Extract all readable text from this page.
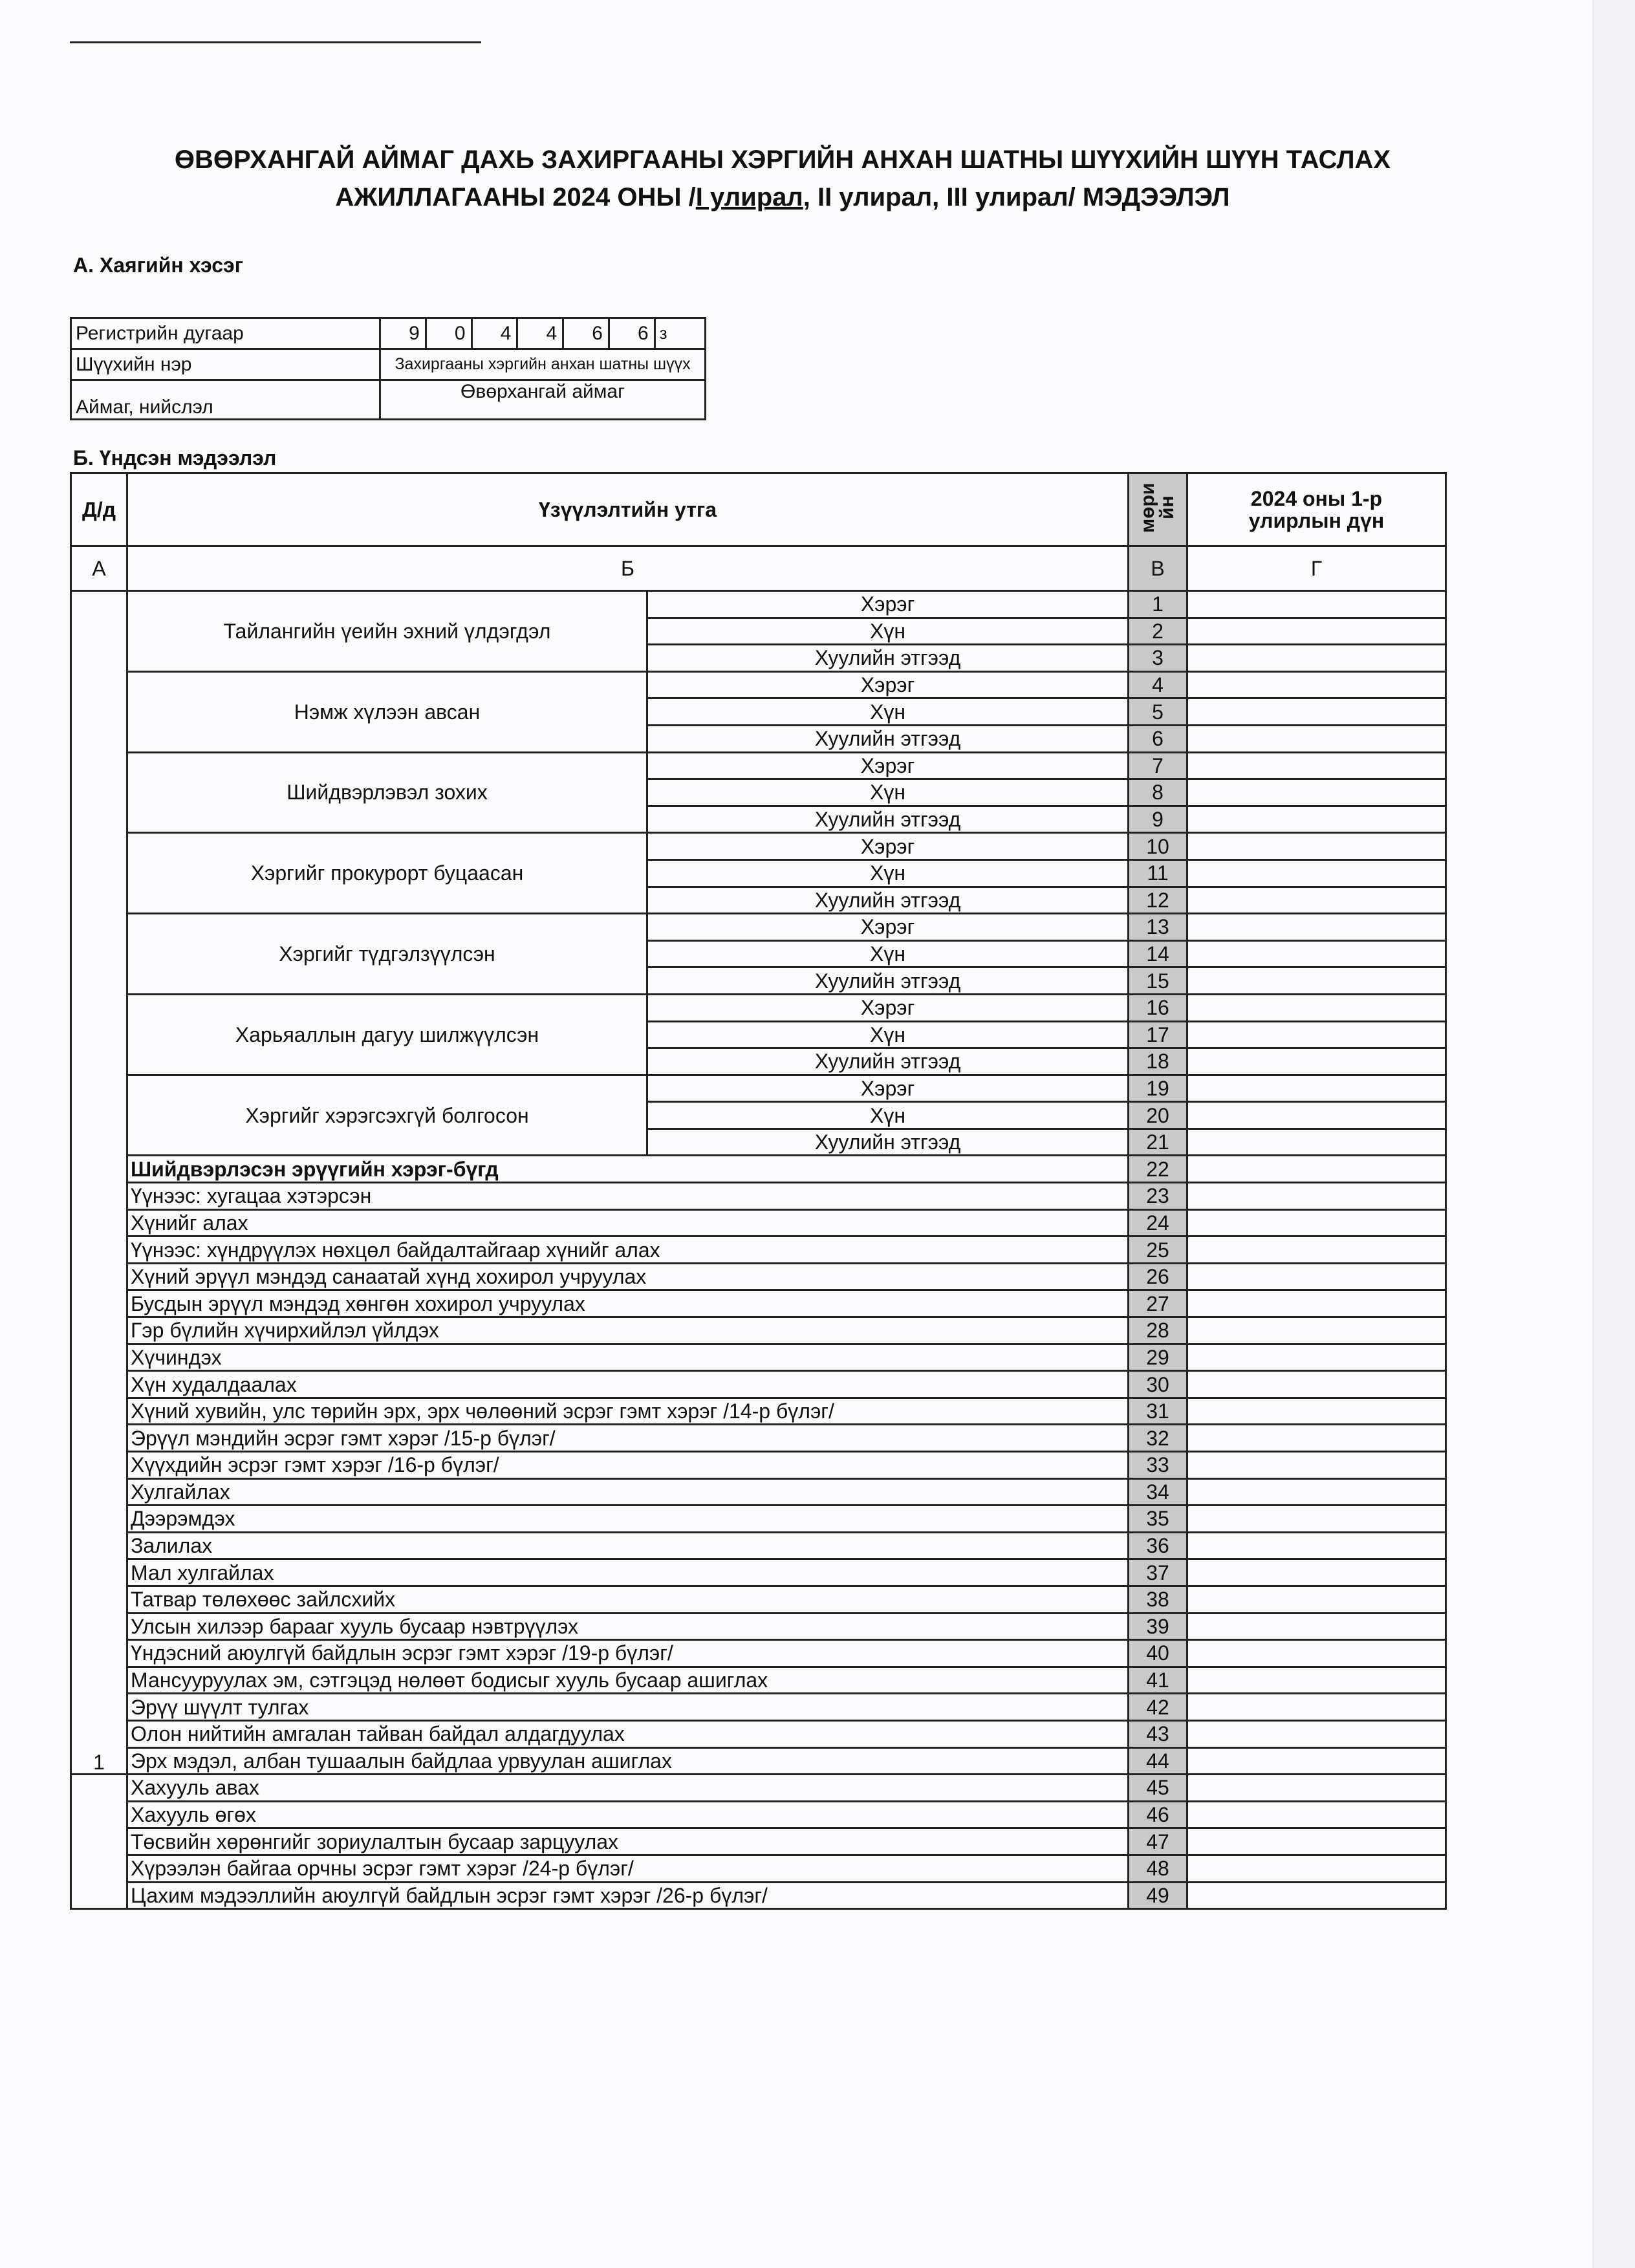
ӨВӨРХАНГАЙ АЙМАГ ДАХЬ ЗАХИРГААНЫ ХЭРГИЙН АНХАН ШАТНЫ ШҮҮХИЙН ШҮҮН ТАСЛАХ
АЖИЛЛАГААНЫ 2024 ОНЫ /I улирал, II улирал, III улирал/ МЭДЭЭЛЭЛ
А. Хаягийн хэсэг
Регистрийн дугаар	9	0	4	4	6	6	з
Шүүхийн нэр	Захиргааны хэргийн анхан шатны шүүх						
Аймаг, нийслэл	Өвөрхангай аймаг						
Б. Үндсэн мэдээлэл
Д/д	Үзүүлэлтийн утга		мөри йн	2024 оны 1-р
улирлын дүн

А	Б		В	Г
1	Тайлангийн үеийн эхний үлдэгдэл	Хэрэг	1	
		Хүн	2	
		Хуулийн этгээд	3	
	Нэмж хүлээн авсан	Хэрэг	4	
		Хүн	5	
		Хуулийн этгээд	6	
	Шийдвэрлэвэл зохих	Хэрэг	7	
		Хүн	8	
		Хуулийн этгээд	9	
	Хэргийг прокурорт буцаасан	Хэрэг	10	
		Хүн	11	
		Хуулийн этгээд	12	
	Хэргийг түдгэлзүүлсэн	Хэрэг	13	
		Хүн	14	
		Хуулийн этгээд	15	
	Харьяаллын дагуу шилжүүлсэн	Хэрэг	16	
		Хүн	17	
		Хуулийн этгээд	18	
	Хэргийг хэрэгсэхгүй болгосон	Хэрэг	19	
		Хүн	20	
		Хуулийн этгээд	21	
	Шийдвэрлэсэн эрүүгийн хэрэг-бүгд		22	
	Үүнээс: хугацаа хэтэрсэн		23	
	Хүнийг алах		24	
	Үүнээс: хүндрүүлэх нөхцөл байдалтайгаар хүнийг алах		25	
	Хүний эрүүл мэндэд санаатай хүнд хохирол учруулах		26	
	Бусдын эрүүл мэндэд хөнгөн хохирол учруулах		27	
	Гэр бүлийн хүчирхийлэл үйлдэх		28	
	Хүчиндэх		29	
	Хүн худалдаалах		30	
	Хүний хувийн, улс төрийн эрх, эрх чөлөөний эсрэг гэмт хэрэг /14-р бүлэг/		31	
	Эрүүл мэндийн эсрэг гэмт хэрэг /15-р бүлэг/		32	
	Хүүхдийн эсрэг гэмт хэрэг /16-р бүлэг/		33	
	Хулгайлах		34	
	Дээрэмдэх		35	
	Залилах		36	
	Мал хулгайлах		37	
	Татвар төлөхөөс зайлсхийх		38	
	Улсын хилээр барааг хууль бусаар нэвтрүүлэх		39	
	Үндэсний аюулгүй байдлын эсрэг гэмт хэрэг /19-р бүлэг/		40	
	Мансууруулах эм, сэтгэцэд нөлөөт бодисыг хууль бусаар ашиглах		41	
	Эрүү шүүлт тулгах		42	
	Олон нийтийн амгалан тайван байдал алдагдуулах		43	
	Эрх мэдэл, албан тушаалын байдлаа урвуулан ашиглах		44	
	Хахууль авах		45	
	Хахууль өгөх		46	
	Төсвийн хөрөнгийг зориулалтын бусаар зарцуулах		47	
	Хүрээлэн байгаа орчны эсрэг гэмт хэрэг /24-р бүлэг/		48	
	Цахим мэдээллийн аюулгүй байдлын эсрэг гэмт хэрэг /26-р бүлэг/		49	
